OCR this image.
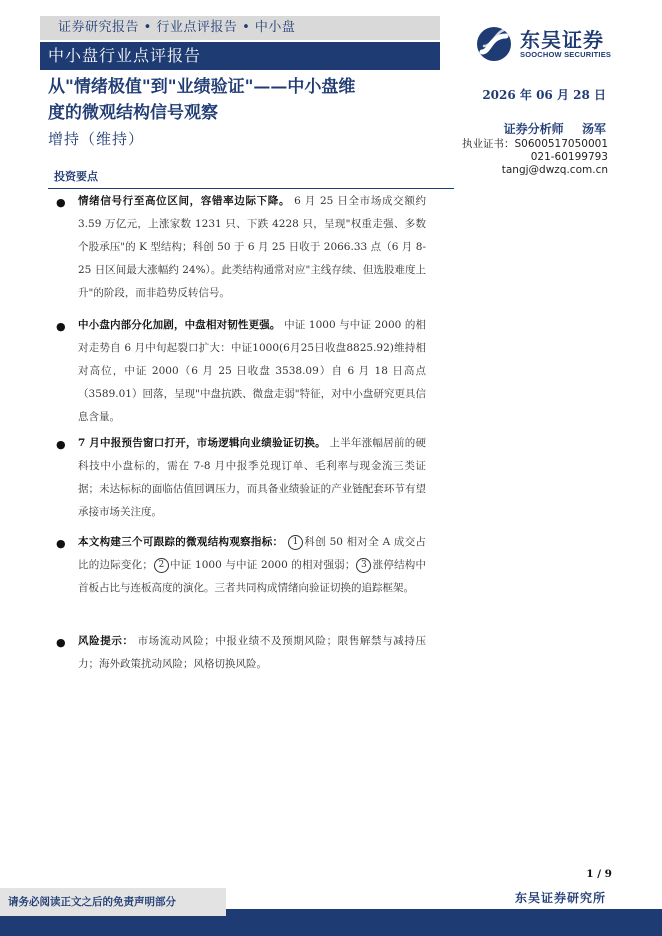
证券研究报告 • 行业点评报告 • 中小盘
中小盘行业点评报告
东吴证券
SOOCHOW SECURITIES
从"情绪极值"到"业绩验证"——中小盘维
度的微观结构信号观察
增持（维持）
2026 年 06 月 28 日
证券分析师 汤军
执业证书：S0600517050001
021-60199793
tangj@dwzq.com.cn
投资要点
● 情绪信号行至高位区间，容错率边际下降。 6 月 25 日全市场成交额约 3.59 万亿元，上涨家数 1231 只、下跌 4228 只，呈现"权重走强、多数个股承压"的 K 型结构；科创 50 于 6 月 25 日收于 2066.33 点（6 月 8-25 日区间最大涨幅约 24%）。此类结构通常对应"主线存续、但选股难度上升"的阶段，而非趋势反转信号。
● 中小盘内部分化加剧，中盘相对韧性更强。 中证 1000 与中证 2000 的相对走势自 6 月中旬起裂口扩大：中证1000(6月25日收盘8825.92)维持相对高位，中证 2000（6 月 25 日收盘 3538.09）自 6 月 18 日高点（3589.01）回落，呈现"中盘抗跌、微盘走弱"特征，对中小盘研究更具信息含量。
● 7 月中报预告窗口打开，市场逻辑向业绩验证切换。 上半年涨幅居前的硬科技中小盘标的，需在 7-8 月中报季兑现订单、毛利率与现金流三类证据；未达标标的面临估值回调压力，而具备业绩验证的产业链配套环节有望承接市场关注度。
● 本文构建三个可跟踪的微观结构观察指标： 1 科创 50 相对全 A 成交占比的边际变化； 2 中证 1000 与中证 2000 的相对强弱； 3 涨停结构中首板占比与连板高度的演化。三者共同构成情绪向验证切换的追踪框架。
● 风险提示： 市场流动风险；中报业绩不及预期风险；限售解禁与减持压力；海外政策扰动风险；风格切换风险。
1 / 9
请务必阅读正文之后的免责声明部分	东吴证券研究所
